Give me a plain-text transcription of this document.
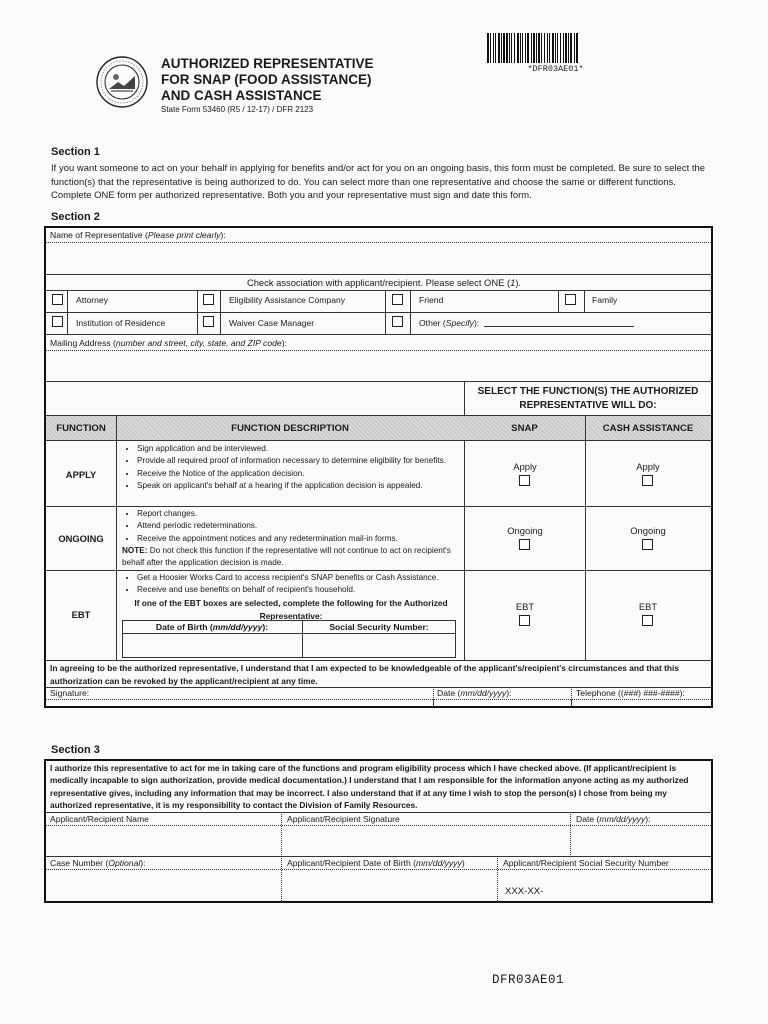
AUTHORIZED REPRESENTATIVE
FOR SNAP (FOOD ASSISTANCE)
AND CASH ASSISTANCE
State Form 53460 (R5 / 12-17) / DFR 2123
*DFR03AE01*
Section 1
If you want someone to act on your behalf in applying for benefits and/or act for you on an ongoing basis, this form must be completed. Be sure to select the function(s) that the representative is being authorized to do. You can select more than one representative and choose the same or different functions. Complete ONE form per authorized representative. Both you and your representative must sign and date this form.
Section 2
Name of Representative (Please print clearly):
Check association with applicant/recipient. Please select ONE (1).
Attorney	Eligibility Assistance Company	Friend	Family
Institution of Residence	Waiver Case Manager	Other (Specify):
Mailing Address (number and street, city, state, and ZIP code):
SELECT THE FUNCTION(S) THE AUTHORIZED
REPRESENTATIVE WILL DO:
FUNCTION	FUNCTION DESCRIPTION	SNAP	CASH ASSISTANCE
APPLY
• Sign application and be interviewed.
• Provide all required proof of information necessary to determine eligibility for benefits.
• Receive the Notice of the application decision.
• Speak on applicant's behalf at a hearing if the application decision is appealed.
Apply	Apply
ONGOING
• Report changes.
• Attend periodic redeterminations.
• Receive the appointment notices and any redetermination mail-in forms.
NOTE: Do not check this function if the representative will not continue to act on recipient's behalf after the application decision is made.
Ongoing	Ongoing
EBT
• Get a Hoosier Works Card to access recipient's SNAP benefits or Cash Assistance.
• Receive and use benefits on behalf of recipient's household.
If one of the EBT boxes are selected, complete the following for the Authorized
Representative:
Date of Birth (mm/dd/yyyy):	Social Security Number:
EBT	EBT
In agreeing to be the authorized representative, I understand that I am expected to be knowledgeable of the applicant's/recipient's circumstances and that this authorization can be revoked by the applicant/recipient at any time.
Signature:	Date (mm/dd/yyyy):	Telephone ((###) ###-####):
Section 3
I authorize this representative to act for me in taking care of the functions and program eligibility process which I have checked above. (If applicant/recipient is medically incapable to sign authorization, provide medical documentation.) I understand that I am responsible for the information anyone acting as my authorized representative gives, including any information that may be incorrect. I also understand that if at any time I wish to stop the person(s) I chose from being my authorized representative, it is my responsibility to contact the Division of Family Resources.
Applicant/Recipient Name	Applicant/Recipient Signature	Date (mm/dd/yyyy):
Case Number (Optional):	Applicant/Recipient Date of Birth (mm/dd/yyyy)	Applicant/Recipient Social Security Number
XXX-XX-
DFR03AE01
